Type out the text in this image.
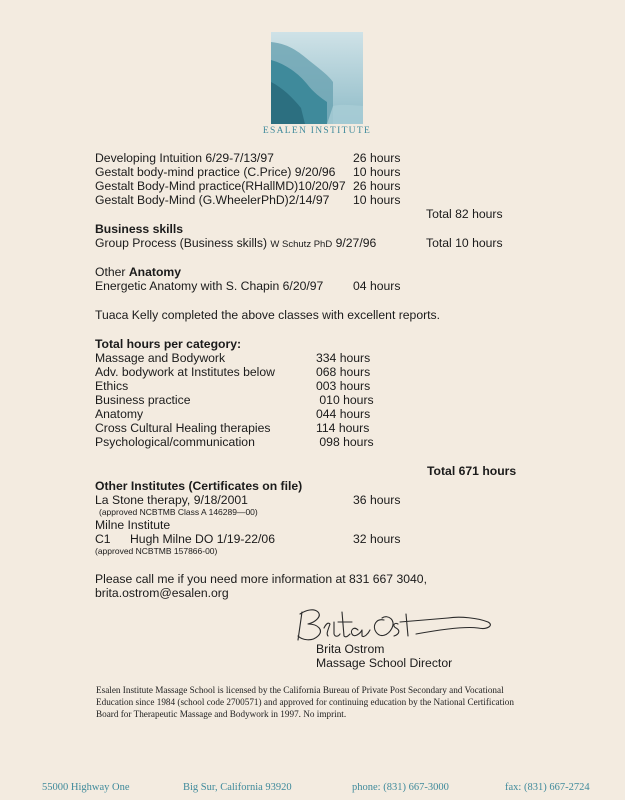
ESALEN INSTITUTE
Developing Intuition 6/29-7/13/97	26 hours
Gestalt body-mind practice (C.Price) 9/20/96 10 hours
Gestalt Body-Mind practice(RHallMD)10/20/97 26 hours
Gestalt Body-Mind (G.WheelerPhD)2/14/97 10 hours
Total 82 hours
Business skills
Group Process (Business skills) W Schutz PhD 9/27/96	Total 10 hours
Other Anatomy
Energetic Anatomy with S. Chapin 6/20/97 04 hours
Tuaca Kelly completed the above classes with excellent reports.
Total hours per category:
Massage and Bodywork	334 hours
Adv. bodywork at Institutes below	068 hours
Ethics	003 hours
Business practice	010 hours
Anatomy	044 hours
Cross Cultural Healing therapies	114 hours
Psychological/communication	098 hours
Total 671 hours
Other Institutes (Certificates on file)
La Stone therapy, 9/18/2001	36 hours
(approved NCBTMB Class A 146289—00)
Milne Institute
C1 Hugh Milne DO 1/19-22/06	32 hours
(approved NCBTMB 157866-00)
Please call me if you need more information at 831 667 3040,
brita.ostrom@esalen.org
Brita Ostrom
Massage School Director
Esalen Institute Massage School is licensed by the California Bureau of Private Post Secondary and Vocational Education since 1984 (school code 2700571) and approved for continuing education by the National Certification Board for Therapeutic Massage and Bodywork in 1997. No imprint.
55000 Highway One	Big Sur, California 93920	phone: (831) 667-3000	fax: (831) 667-2724
